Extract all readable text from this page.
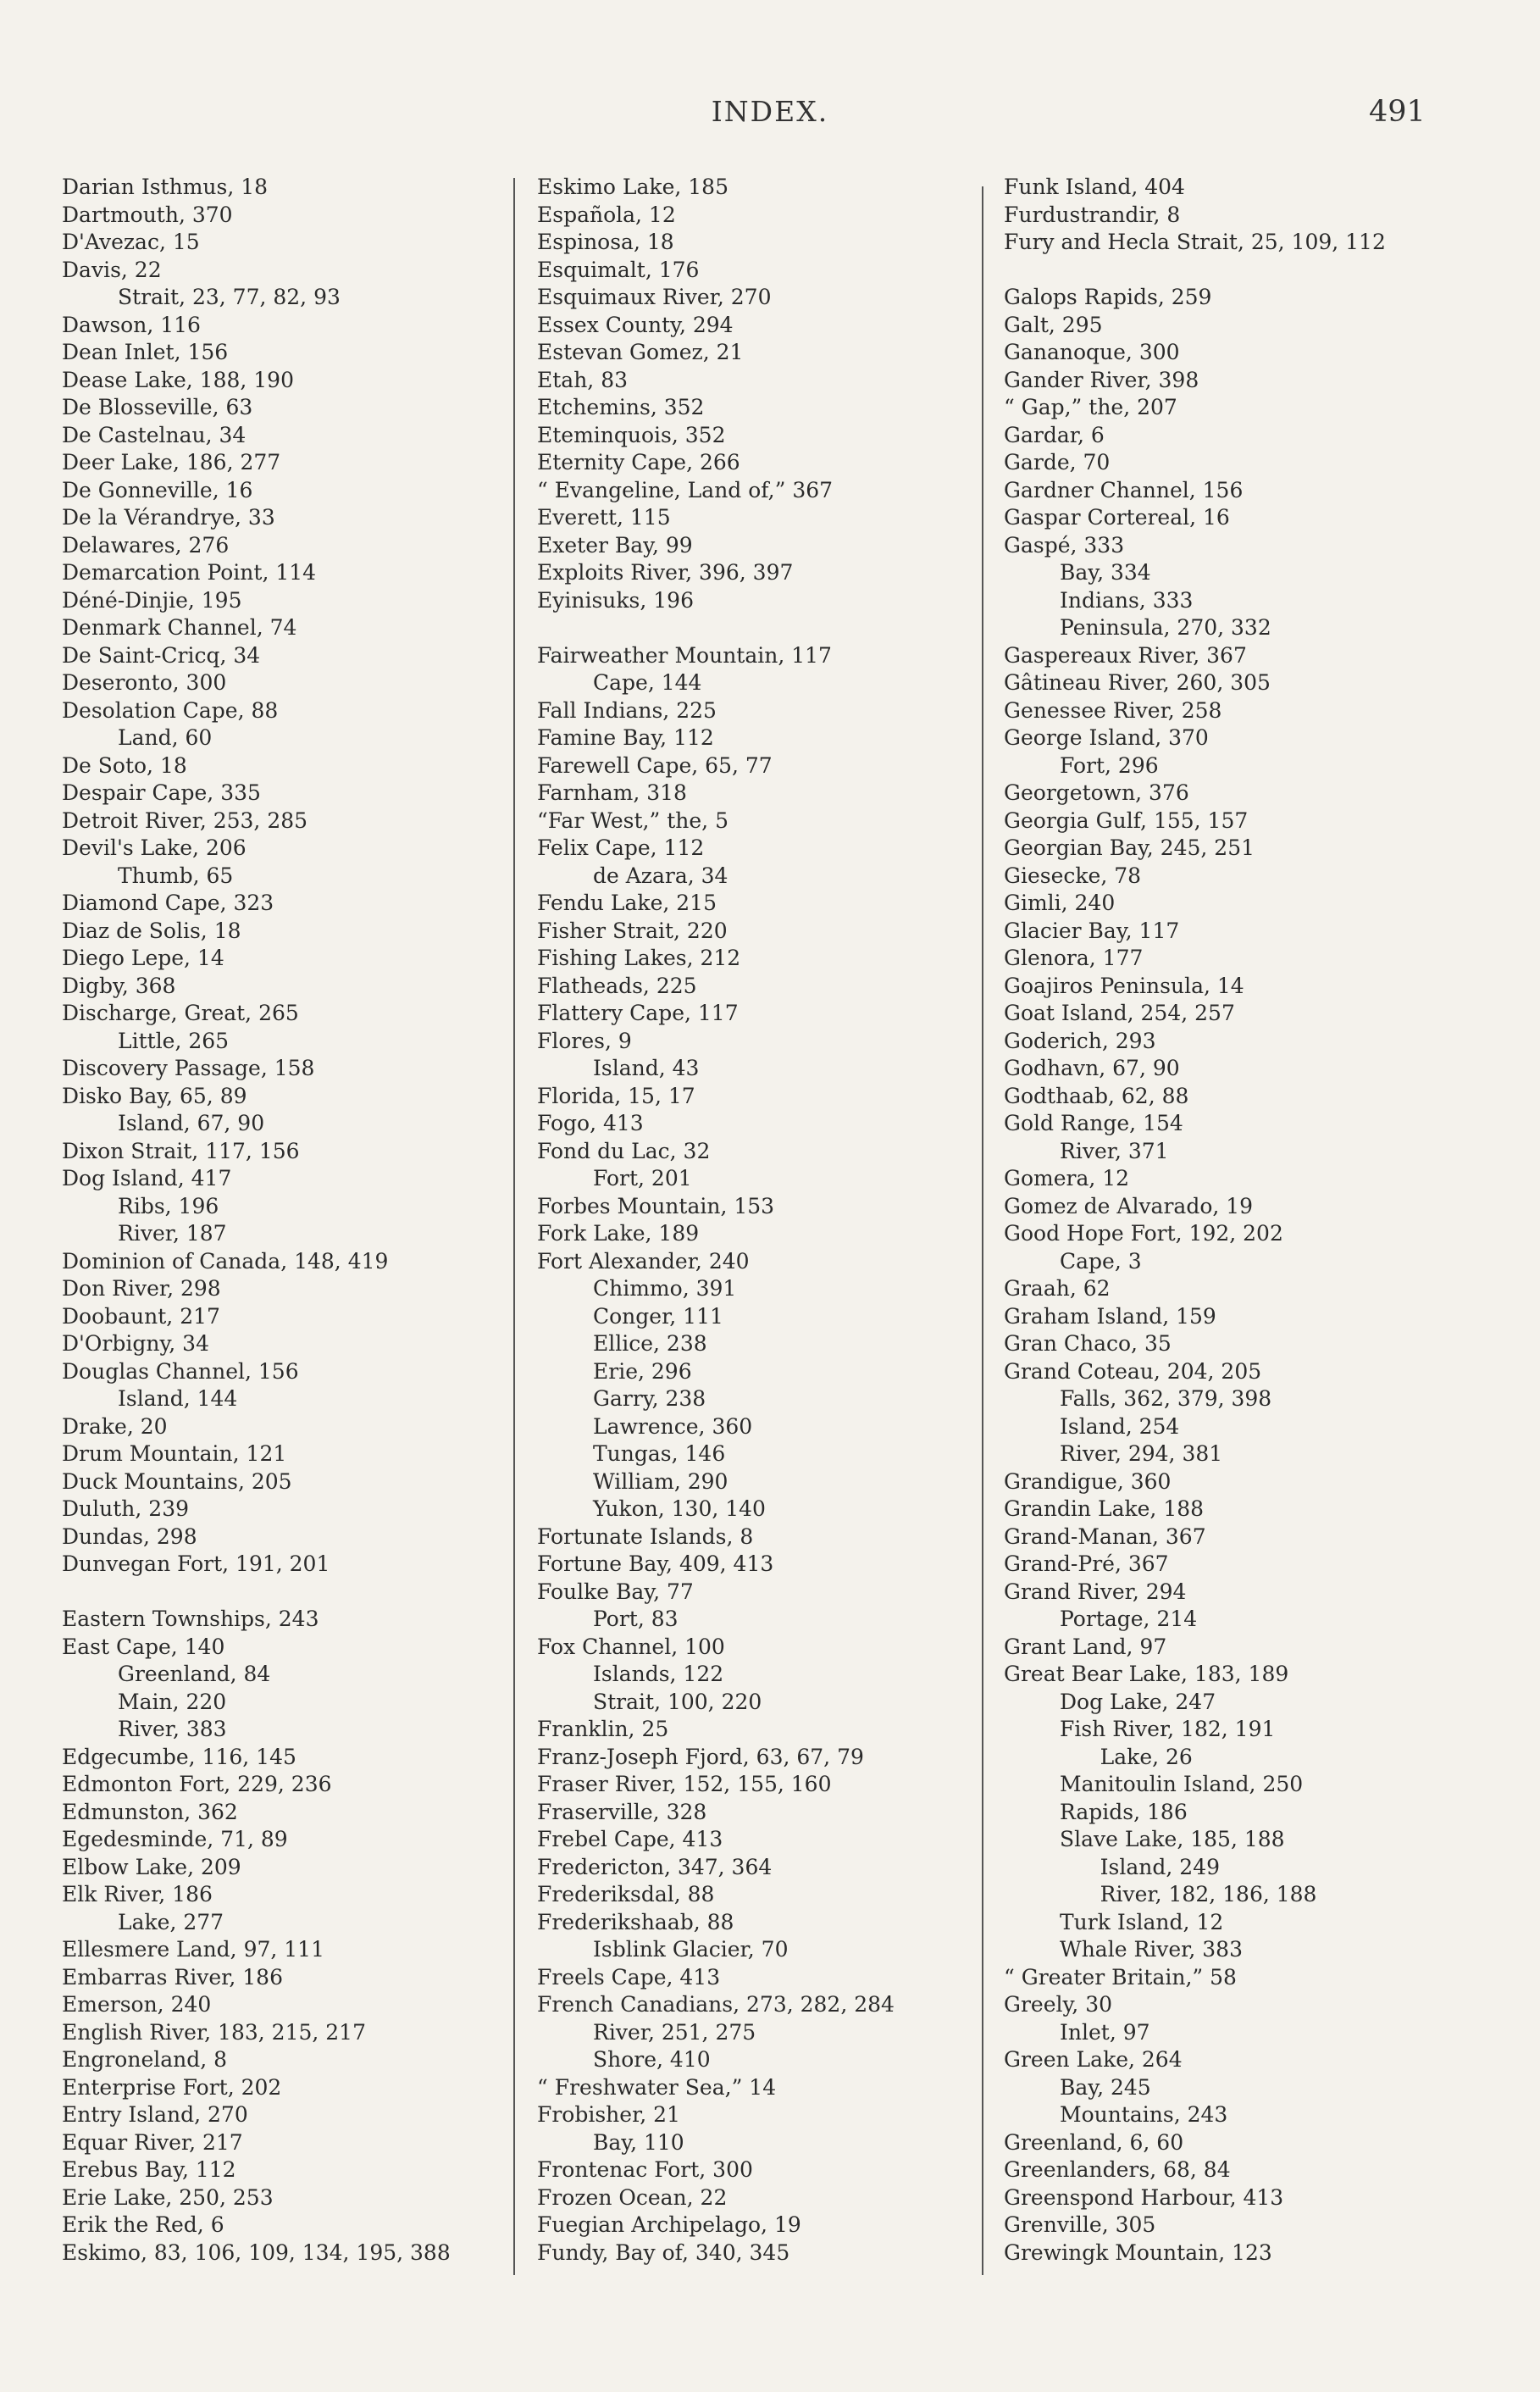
INDEX.	491
Darian Isthmus, 18
Dartmouth, 370
D'Avezac, 15
Davis, 22
Strait, 23, 77, 82, 93
Dawson, 116
Dean Inlet, 156
Dease Lake, 188, 190
De Blosseville, 63
De Castelnau, 34
Deer Lake, 186, 277
De Gonneville, 16
De la Vérandrye, 33
Delawares, 276
Demarcation Point, 114
Déné-Dinjie, 195
Denmark Channel, 74
De Saint-Cricq, 34
Deseronto, 300
Desolation Cape, 88
Land, 60
De Soto, 18
Despair Cape, 335
Detroit River, 253, 285
Devil's Lake, 206
Thumb, 65
Diamond Cape, 323
Diaz de Solis, 18
Diego Lepe, 14
Digby, 368
Discharge, Great, 265
Little, 265
Discovery Passage, 158
Disko Bay, 65, 89
Island, 67, 90
Dixon Strait, 117, 156
Dog Island, 417
Ribs, 196
River, 187
Dominion of Canada, 148, 419
Don River, 298
Doobaunt, 217
D'Orbigny, 34
Douglas Channel, 156
Island, 144
Drake, 20
Drum Mountain, 121
Duck Mountains, 205
Duluth, 239
Dundas, 298
Dunvegan Fort, 191, 201
Eastern Townships, 243
East Cape, 140
Greenland, 84
Main, 220
River, 383
Edgecumbe, 116, 145
Edmonton Fort, 229, 236
Edmunston, 362
Egedesminde, 71, 89
Elbow Lake, 209
Elk River, 186
Lake, 277
Ellesmere Land, 97, 111
Embarras River, 186
Emerson, 240
English River, 183, 215, 217
Engroneland, 8
Enterprise Fort, 202
Entry Island, 270
Equar River, 217
Erebus Bay, 112
Erie Lake, 250, 253
Erik the Red, 6
Eskimo, 83, 106, 109, 134, 195, 388
Eskimo Lake, 185
Española, 12
Espinosa, 18
Esquimalt, 176
Esquimaux River, 270
Essex County, 294
Estevan Gomez, 21
Etah, 83
Etchemins, 352
Eteminquois, 352
Eternity Cape, 266
“ Evangeline, Land of,” 367
Everett, 115
Exeter Bay, 99
Exploits River, 396, 397
Eyinisuks, 196
Fairweather Mountain, 117
Cape, 144
Fall Indians, 225
Famine Bay, 112
Farewell Cape, 65, 77
Farnham, 318
“Far West,” the, 5
Felix Cape, 112
de Azara, 34
Fendu Lake, 215
Fisher Strait, 220
Fishing Lakes, 212
Flatheads, 225
Flattery Cape, 117
Flores, 9
Island, 43
Florida, 15, 17
Fogo, 413
Fond du Lac, 32
Fort, 201
Forbes Mountain, 153
Fork Lake, 189
Fort Alexander, 240
Chimmo, 391
Conger, 111
Ellice, 238
Erie, 296
Garry, 238
Lawrence, 360
Tungas, 146
William, 290
Yukon, 130, 140
Fortunate Islands, 8
Fortune Bay, 409, 413
Foulke Bay, 77
Port, 83
Fox Channel, 100
Islands, 122
Strait, 100, 220
Franklin, 25
Franz-Joseph Fjord, 63, 67, 79
Fraser River, 152, 155, 160
Fraserville, 328
Frebel Cape, 413
Fredericton, 347, 364
Frederiksdal, 88
Frederikshaab, 88
Isblink Glacier, 70
Freels Cape, 413
French Canadians, 273, 282, 284
River, 251, 275
Shore, 410
“ Freshwater Sea,” 14
Frobisher, 21
Bay, 110
Frontenac Fort, 300
Frozen Ocean, 22
Fuegian Archipelago, 19
Fundy, Bay of, 340, 345
Funk Island, 404
Furdustrandir, 8
Fury and Hecla Strait, 25, 109, 112
Galops Rapids, 259
Galt, 295
Gananoque, 300
Gander River, 398
“ Gap,” the, 207
Gardar, 6
Garde, 70
Gardner Channel, 156
Gaspar Cortereal, 16
Gaspé, 333
Bay, 334
Indians, 333
Peninsula, 270, 332
Gaspereaux River, 367
Gâtineau River, 260, 305
Genessee River, 258
George Island, 370
Fort, 296
Georgetown, 376
Georgia Gulf, 155, 157
Georgian Bay, 245, 251
Giesecke, 78
Gimli, 240
Glacier Bay, 117
Glenora, 177
Goajiros Peninsula, 14
Goat Island, 254, 257
Goderich, 293
Godhavn, 67, 90
Godthaab, 62, 88
Gold Range, 154
River, 371
Gomera, 12
Gomez de Alvarado, 19
Good Hope Fort, 192, 202
Cape, 3
Graah, 62
Graham Island, 159
Gran Chaco, 35
Grand Coteau, 204, 205
Falls, 362, 379, 398
Island, 254
River, 294, 381
Grandigue, 360
Grandin Lake, 188
Grand-Manan, 367
Grand-Pré, 367
Grand River, 294
Portage, 214
Grant Land, 97
Great Bear Lake, 183, 189
Dog Lake, 247
Fish River, 182, 191
Lake, 26
Manitoulin Island, 250
Rapids, 186
Slave Lake, 185, 188
Island, 249
River, 182, 186, 188
Turk Island, 12
Whale River, 383
“ Greater Britain,” 58
Greely, 30
Inlet, 97
Green Lake, 264
Bay, 245
Mountains, 243
Greenland, 6, 60
Greenlanders, 68, 84
Greenspond Harbour, 413
Grenville, 305
Grewingk Mountain, 123
